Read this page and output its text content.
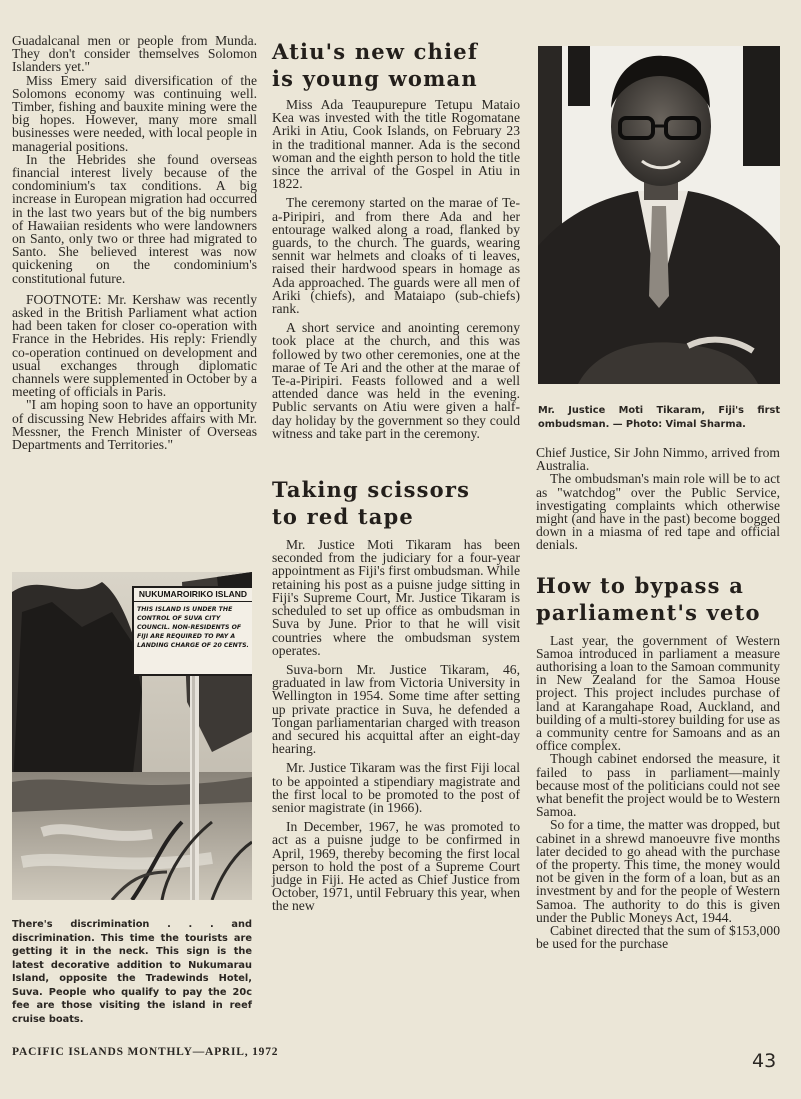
Guadalcanal men or people from Munda. They don't consider themselves Solomon Islanders yet."

Miss Emery said diversification of the Solomons economy was continuing well. Timber, fishing and bauxite mining were the big hopes. However, many more small businesses were needed, with local people in managerial positions.

In the Hebrides she found overseas financial interest lively because of the condominium's tax conditions. A big increase in European migration had occurred in the last two years but of the big numbers of Hawaiian residents who were landowners on Santo, only two or three had migrated to Santo. She believed interest was now quickening on the condominium's constitutional future.

FOOTNOTE: Mr. Kershaw was recently asked in the British Parliament what action had been taken for closer co-operation with France in the Hebrides. His reply: Friendly co-operation continued on development and usual exchanges through diplomatic channels were supplemented in October by a meeting of officials in Paris.

"I am hoping soon to have an opportunity of discussing New Hebrides affairs with Mr. Messner, the French Minister of Overseas Departments and Territories."

NUKUMAROIRIKO ISLAND
THIS ISLAND IS UNDER THE CONTROL OF SUVA CITY COUNCIL. NON-RESIDENTS OF FIJI ARE REQUIRED TO PAY A LANDING CHARGE OF 20 CENTS.
There's discrimination . . . and discrimination. This time the tourists are getting it in the neck. This sign is the latest decorative addition to Nukumarau Island, opposite the Tradewinds Hotel, Suva. People who qualify to pay the 20c fee are those visiting the island in reef cruise boats.
Atiu's new chief
is young woman

Miss Ada Teaupurepure Tetupu Mataio Kea was invested with the title Rogomatane Ariki in Atiu, Cook Islands, on February 23 in the traditional manner. Ada is the second woman and the eighth person to hold the title since the arrival of the Gospel in Atiu in 1822.

The ceremony started on the marae of Te-a-Piripiri, and from there Ada and her entourage walked along a road, flanked by guards, to the church. The guards, wearing sennit war helmets and cloaks of ti leaves, raised their hardwood spears in homage as Ada approached. The guards were all men of Ariki (chiefs), and Mataiapo (sub-chiefs) rank.

A short service and anointing ceremony took place at the church, and this was followed by two other ceremonies, one at the marae of Te Ari and the other at the marae of Te-a-Piripiri. Feasts followed and a well attended dance was held in the evening. Public servants on Atiu were given a half-day holiday by the government so they could witness and take part in the ceremony.

Taking scissors
to red tape

Mr. Justice Moti Tikaram has been seconded from the judiciary for a four-year appointment as Fiji's first ombudsman. While retaining his post as a puisne judge sitting in Fiji's Supreme Court, Mr. Justice Tikaram is scheduled to set up office as ombudsman in Suva by June. Prior to that he will visit countries where the ombudsman system operates.

Suva-born Mr. Justice Tikaram, 46, graduated in law from Victoria University in Wellington in 1954. Some time after setting up private practice in Suva, he defended a Tongan parliamentarian charged with treason and secured his acquittal after an eight-day hearing.

Mr. Justice Tikaram was the first Fiji local to be appointed a stipendiary magistrate and the first local to be promoted to the post of senior magistrate (in 1966).

In December, 1967, he was promoted to act as a puisne judge to be confirmed in April, 1969, thereby becoming the first local person to hold the post of a Supreme Court judge in Fiji. He acted as Chief Justice from October, 1971, until February this year, when the new

Mr. Justice Moti Tikaram, Fiji's first ombudsman. — Photo: Vimal Sharma.

Chief Justice, Sir John Nimmo, arrived from Australia.

The ombudsman's main role will be to act as "watchdog" over the Public Service, investigating complaints which otherwise might (and have in the past) become bogged down in a miasma of red tape and official denials.

How to bypass a
parliament's veto

Last year, the government of Western Samoa introduced in parliament a measure authorising a loan to the Samoan community in New Zealand for the Samoa House project. This project includes purchase of land at Karangahape Road, Auckland, and building of a multi-storey building for use as a community centre for Samoans and as an office complex.

Though cabinet endorsed the measure, it failed to pass in parliament—mainly because most of the politicians could not see what benefit the project would be to Western Samoa.

So for a time, the matter was dropped, but cabinet in a shrewd manoeuvre five months later decided to go ahead with the purchase of the property. This time, the money would not be given in the form of a loan, but as an investment by and for the people of Western Samoa. The authority to do this is given under the Public Moneys Act, 1944.

Cabinet directed that the sum of $153,000 be used for the purchase

PACIFIC ISLANDS MONTHLY—APRIL, 1972	43
